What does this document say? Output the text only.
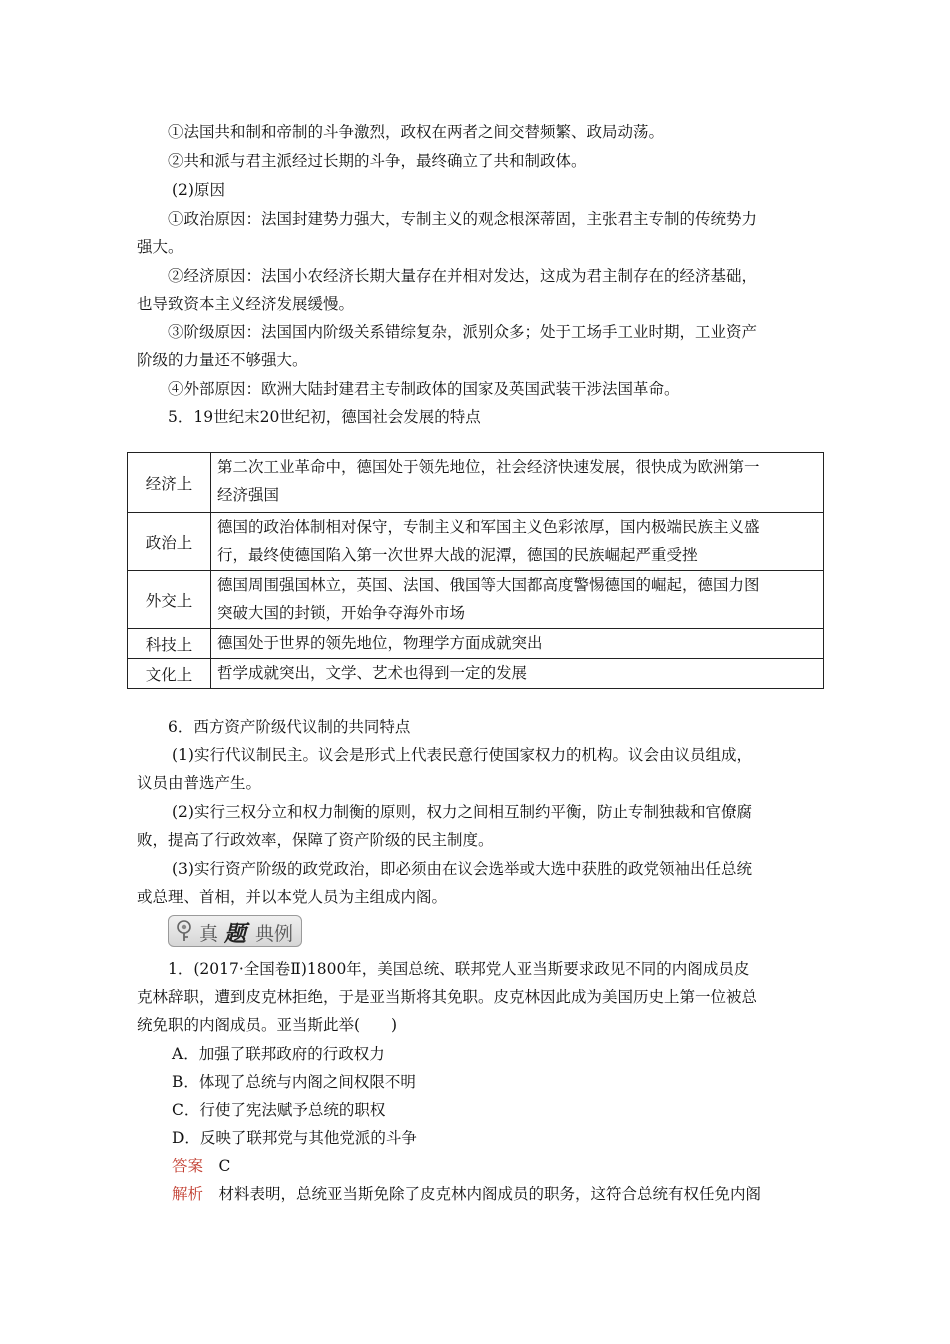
①法国共和制和帝制的斗争激烈，政权在两者之间交替频繁、政局动荡。
②共和派与君主派经过长期的斗争，最终确立了共和制政体。
(2)原因
①政治原因：法国封建势力强大，专制主义的观念根深蒂固，主张君主专制的传统势力
强大。
②经济原因：法国小农经济长期大量存在并相对发达，这成为君主制存在的经济基础，
也导致资本主义经济发展缓慢。
③阶级原因：法国国内阶级关系错综复杂，派别众多；处于工场手工业时期，工业资产
阶级的力量还不够强大。
④外部原因：欧洲大陆封建君主专制政体的国家及英国武装干涉法国革命。
5．19世纪末20世纪初，德国社会发展的特点
经济上	第二次工业革命中，德国处于领先地位，社会经济快速发展，很快成为欧洲第一
经济强国

政治上	德国的政治体制相对保守，专制主义和军国主义色彩浓厚，国内极端民族主义盛
行，最终使德国陷入第一次世界大战的泥潭，德国的民族崛起严重受挫

外交上	德国周围强国林立，英国、法国、俄国等大国都高度警惕德国的崛起，德国力图
突破大国的封锁，开始争夺海外市场

科技上	德国处于世界的领先地位，物理学方面成就突出

文化上	哲学成就突出，文学、艺术也得到一定的发展
6．西方资产阶级代议制的共同特点
(1)实行代议制民主。议会是形式上代表民意行使国家权力的机构。议会由议员组成，
议员由普选产生。
(2)实行三权分立和权力制衡的原则，权力之间相互制约平衡，防止专制独裁和官僚腐
败，提高了行政效率，保障了资产阶级的民主制度。
(3)实行资产阶级的政党政治，即必须由在议会选举或大选中获胜的政党领袖出任总统
或总理、首相，并以本党人员为主组成内阁。
真 题 典例
1．(2017·全国卷Ⅱ)1800年，美国总统、联邦党人亚当斯要求政见不同的内阁成员皮
克林辞职，遭到皮克林拒绝，于是亚当斯将其免职。皮克林因此成为美国历史上第一位被总
统免职的内阁成员。亚当斯此举(　　)
A．加强了联邦政府的行政权力
B．体现了总统与内阁之间权限不明
C．行使了宪法赋予总统的职权
D．反映了联邦党与其他党派的斗争
答案　C
解析　材料表明，总统亚当斯免除了皮克林内阁成员的职务，这符合总统有权任免内阁
